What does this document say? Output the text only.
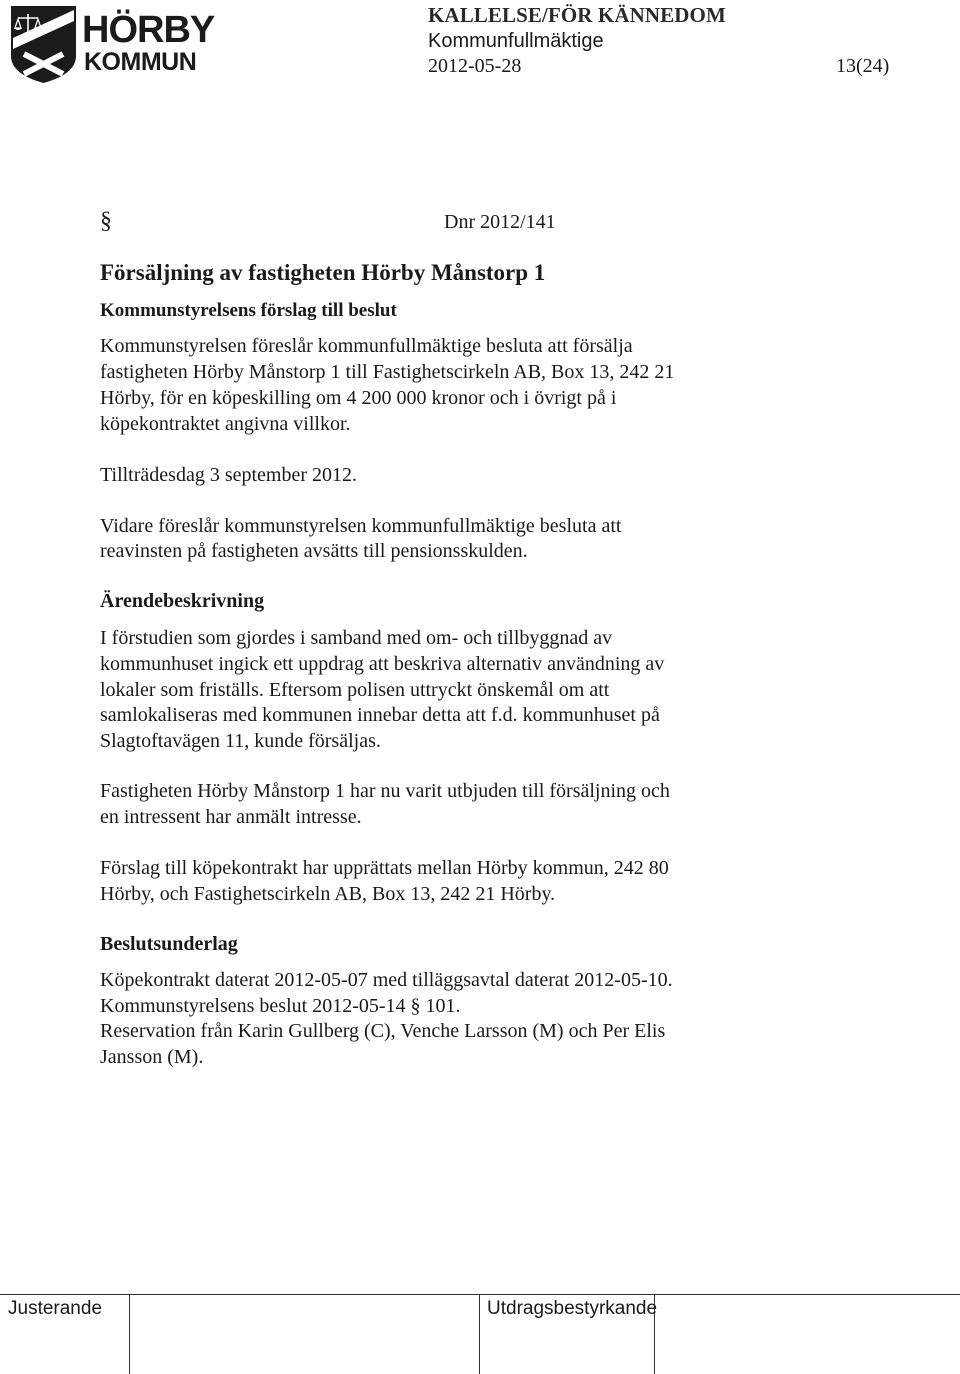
HÖRBY
KOMMUN
KALLELSE/FÖR KÄNNEDOM
Kommunfullmäktige
2012-05-28	13(24)
§	Dnr 2012/141
Försäljning av fastigheten Hörby Månstorp 1
Kommunstyrelsens förslag till beslut
Kommunstyrelsen föreslår kommunfullmäktige besluta att försälja
fastigheten Hörby Månstorp 1 till Fastighetscirkeln AB, Box 13, 242 21
Hörby, för en köpeskilling om 4 200 000 kronor och i övrigt på i
köpekontraktet angivna villkor.
Tillträdesdag 3 september 2012.
Vidare föreslår kommunstyrelsen kommunfullmäktige besluta att
reavinsten på fastigheten avsätts till pensionsskulden.
Ärendebeskrivning
I förstudien som gjordes i samband med om- och tillbyggnad av
kommunhuset ingick ett uppdrag att beskriva alternativ användning av
lokaler som friställs. Eftersom polisen uttryckt önskemål om att
samlokaliseras med kommunen innebar detta att f.d. kommunhuset på
Slagtoftavägen 11, kunde försäljas.
Fastigheten Hörby Månstorp 1 har nu varit utbjuden till försäljning och
en intressent har anmält intresse.
Förslag till köpekontrakt har upprättats mellan Hörby kommun, 242 80
Hörby, och Fastighetscirkeln AB, Box 13, 242 21 Hörby.
Beslutsunderlag
Köpekontrakt daterat 2012-05-07 med tilläggsavtal daterat 2012-05-10.
Kommunstyrelsens beslut 2012-05-14 § 101.
Reservation från Karin Gullberg (C), Venche Larsson (M) och Per Elis
Jansson (M).
Justerande	Utdragsbestyrkande
